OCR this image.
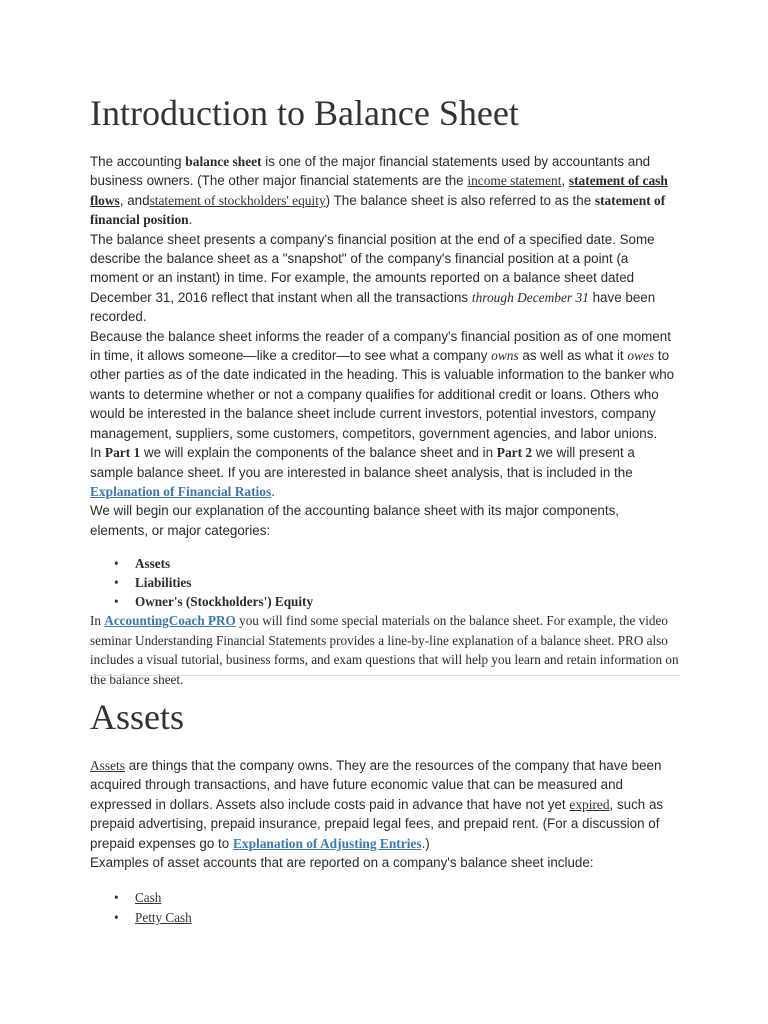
Introduction to Balance Sheet

The accounting balance sheet is one of the major financial statements used by accountants and business owners. (The other major financial statements are the income statement, statement of cash flows, andstatement of stockholders' equity) The balance sheet is also referred to as the statement of financial position.

The balance sheet presents a company's financial position at the end of a specified date. Some describe the balance sheet as a "snapshot" of the company's financial position at a point (a moment or an instant) in time. For example, the amounts reported on a balance sheet dated December 31, 2016 reflect that instant when all the transactions through December 31 have been recorded.

Because the balance sheet informs the reader of a company's financial position as of one moment in time, it allows someone—like a creditor—to see what a company owns as well as what it owes to other parties as of the date indicated in the heading. This is valuable information to the banker who wants to determine whether or not a company qualifies for additional credit or loans. Others who would be interested in the balance sheet include current investors, potential investors, company management, suppliers, some customers, competitors, government agencies, and labor unions.

In Part 1 we will explain the components of the balance sheet and in Part 2 we will present a sample balance sheet. If you are interested in balance sheet analysis, that is included in the Explanation of Financial Ratios.

We will begin our explanation of the accounting balance sheet with its major components, elements, or major categories:

• Assets
• Liabilities
• Owner's (Stockholders') Equity

In AccountingCoach PRO you will find some special materials on the balance sheet. For example, the video seminar Understanding Financial Statements provides a line-by-line explanation of a balance sheet. PRO also includes a visual tutorial, business forms, and exam questions that will help you learn and retain information on the balance sheet.

Assets

Assets are things that the company owns. They are the resources of the company that have been acquired through transactions, and have future economic value that can be measured and expressed in dollars. Assets also include costs paid in advance that have not yet expired, such as prepaid advertising, prepaid insurance, prepaid legal fees, and prepaid rent. (For a discussion of prepaid expenses go to Explanation of Adjusting Entries.)

Examples of asset accounts that are reported on a company's balance sheet include:

• Cash
• Petty Cash
